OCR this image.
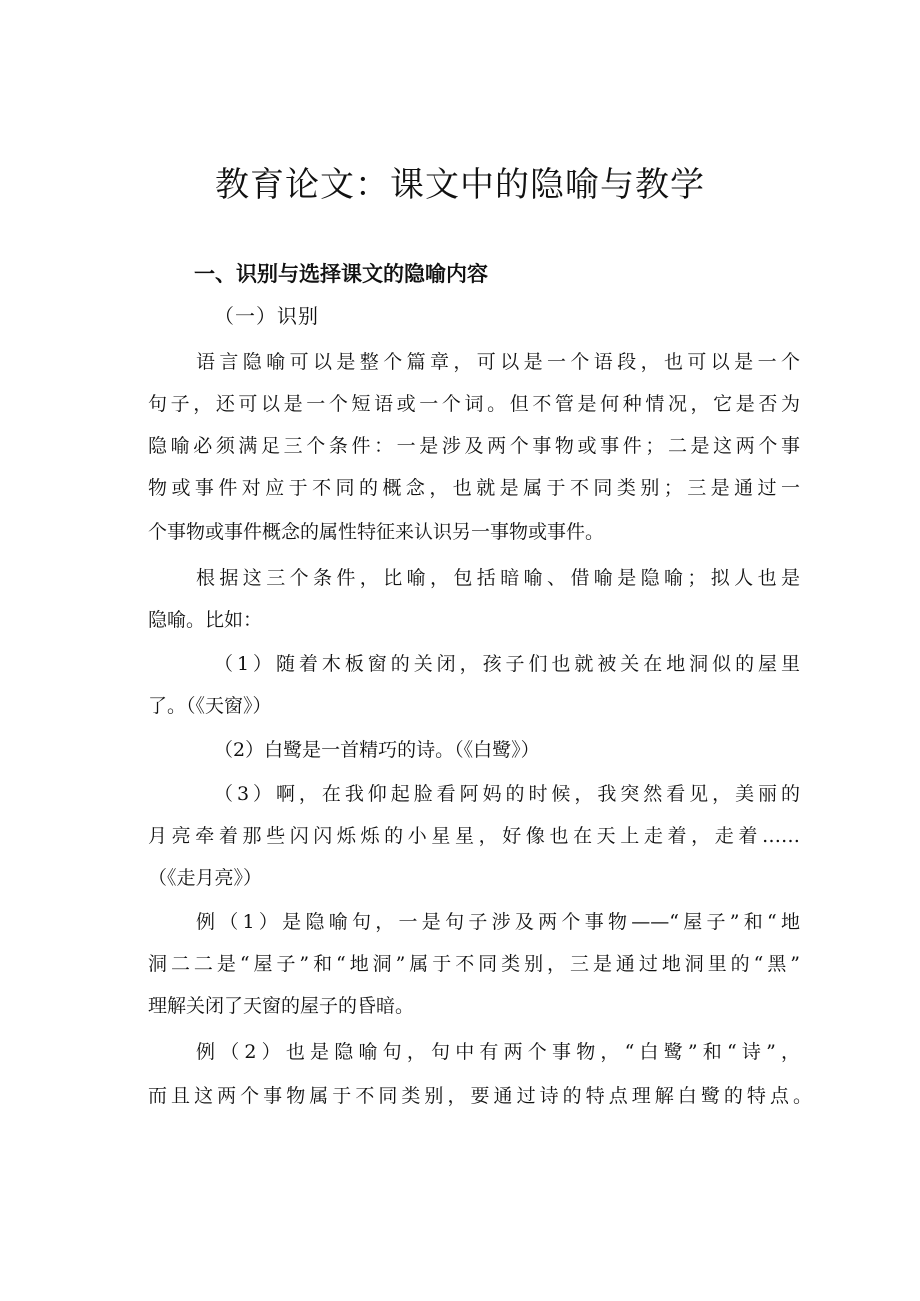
教育论文：课文中的隐喻与教学
一、识别与选择课文的隐喻内容
（一）识别
语言隐喻可以是整个篇章，可以是一个语段，也可以是一个
句子，还可以是一个短语或一个词。但不管是何种情况，它是否为
隐喻必须满足三个条件：一是涉及两个事物或事件；二是这两个事
物或事件对应于不同的概念，也就是属于不同类别；三是通过一
个事物或事件概念的属性特征来认识另一事物或事件。
根据这三个条件，比喻，包括暗喻、借喻是隐喻；拟人也是
隐喻。比如：
（1）随着木板窗的关闭，孩子们也就被关在地洞似的屋里
了。（《天窗》）
（2）白鹭是一首精巧的诗。（《白鹭》）
（3）啊，在我仰起脸看阿妈的时候，我突然看见，美丽的
月亮牵着那些闪闪烁烁的小星星，好像也在天上走着，走着……
（《走月亮》）
例（1）是隐喻句，一是句子涉及两个事物——“屋子”和“地
洞二二是“屋子”和“地洞”属于不同类别，三是通过地洞里的“黑”
理解关闭了天窗的屋子的昏暗。
例（2）也是隐喻句，句中有两个事物，“白鹭”和“诗”，
而且这两个事物属于不同类别，要通过诗的特点理解白鹭的特点。
